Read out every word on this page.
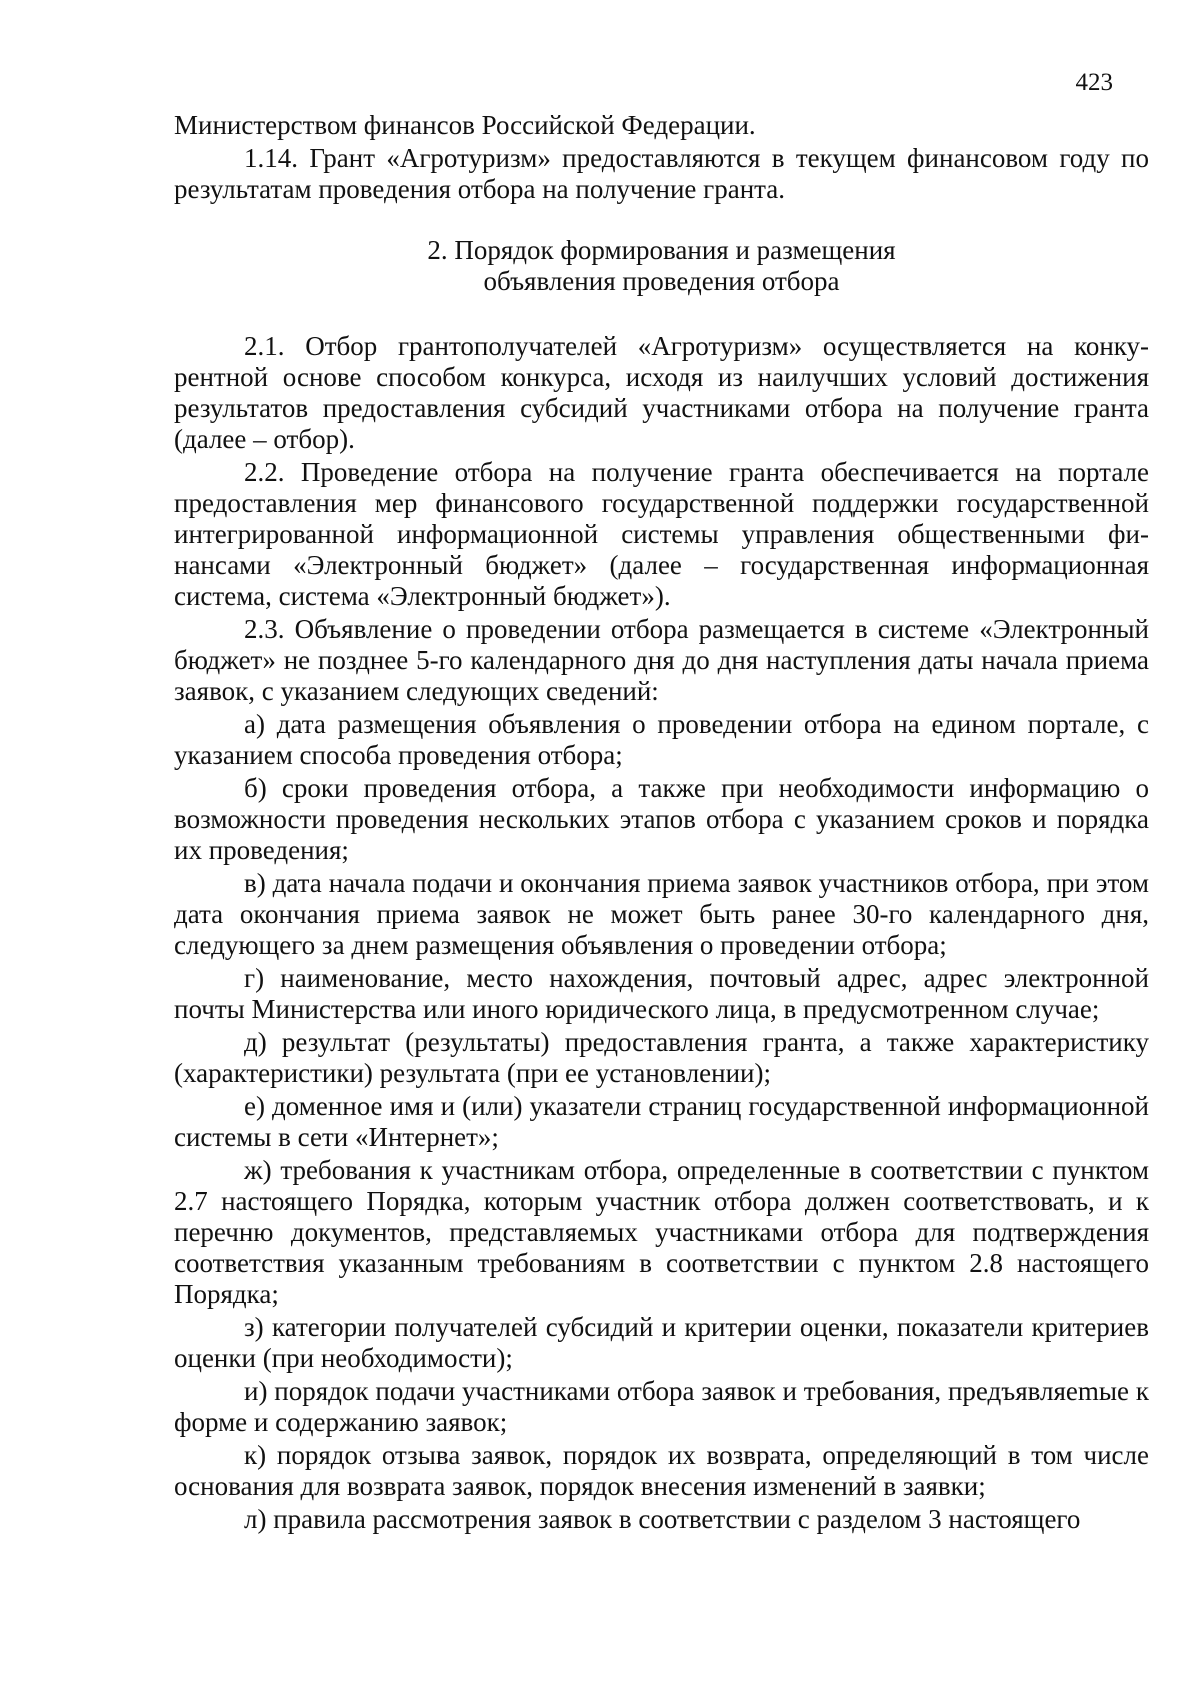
423

Министерством финансов Российской Федерации.

1.14. Грант «Агротуризм» предоставляются в текущем финансовом году по результатам проведения отбора на получение гранта.

2. Порядок формирования и размещения
объявления проведения отбора

2.1. Отбор грантополучателей «Агротуризм» осуществляется на конкурентной основе способом конкурса, исходя из наилучших условий достижения результатов предоставления субсидий участниками отбора на получение гранта (далее – отбор).

2.2. Проведение отбора на получение гранта обеспечивается на портале предоставления мер финансового государственной поддержки государственной интегрированной информационной системы управления общественными финансами «Электронный бюджет» (далее – государственная информационная система, система «Электронный бюджет»).

2.3. Объявление о проведении отбора размещается в системе «Электронный бюджет» не позднее 5-го календарного дня до дня наступления даты начала приема заявок, с указанием следующих сведений:

а) дата размещения объявления о проведении отбора на едином портале, с указанием способа проведения отбора;

б) сроки проведения отбора, а также при необходимости информацию о возможности проведения нескольких этапов отбора с указанием сроков и порядка их проведения;

в) дата начала подачи и окончания приема заявок участников отбора, при этом дата окончания приема заявок не может быть ранее 30-го календарного дня, следующего за днем размещения объявления о проведении отбора;

г) наименование, место нахождения, почтовый адрес, адрес электронной почты Министерства или иного юридического лица, в предусмотренном случае;

д) результат (результаты) предоставления гранта, а также характеристику (характеристики) результата (при ее установлении);

е) доменное имя и (или) указатели страниц государственной информационной системы в сети «Интернет»;

ж) требования к участникам отбора, определенные в соответствии с пунктом 2.7 настоящего Порядка, которым участник отбора должен соответствовать, и к перечню документов, представляемых участниками отбора для подтверждения соответствия указанным требованиям в соответствии с пунктом 2.8 настоящего Порядка;

з) категории получателей субсидий и критерии оценки, показатели критериев оценки (при необходимости);

и) порядок подачи участниками отбора заявок и требования, предъявляеmые к форме и содержанию заявок;

к) порядок отзыва заявок, порядок их возврата, определяющий в том числе основания для возврата заявок, порядок внесения изменений в заявки;

л) правила рассмотрения заявок в соответствии с разделом 3 настоящего
